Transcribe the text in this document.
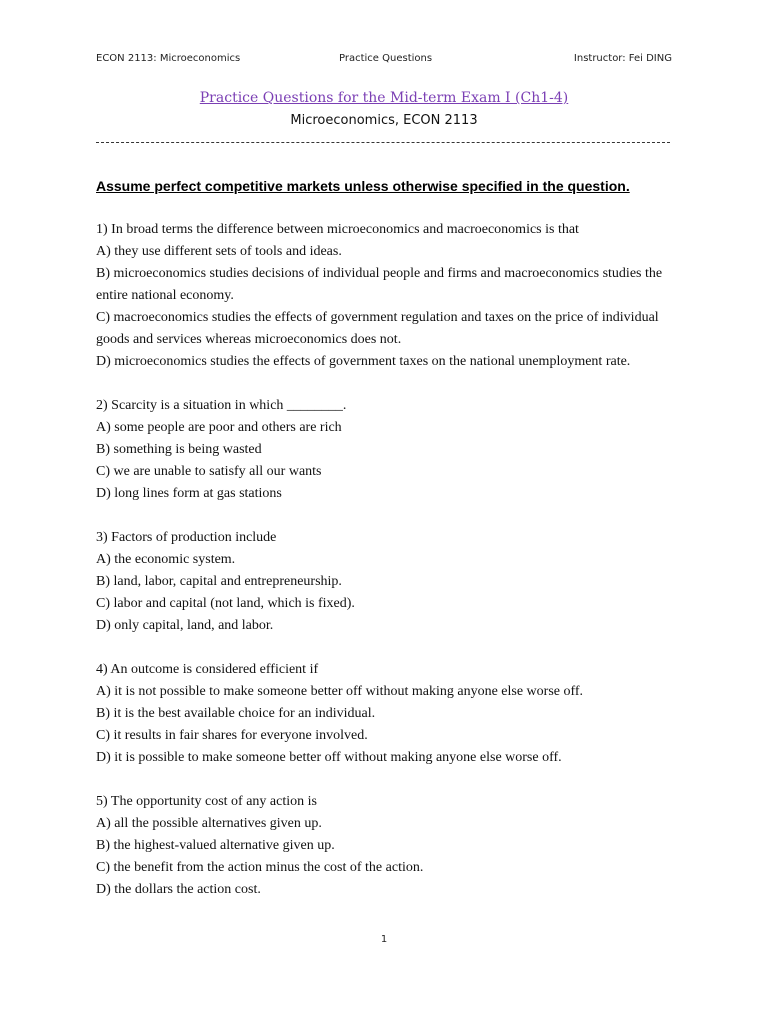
ECON 2113: Microeconomics	Practice Questions	Instructor: Fei DING
Practice Questions for the Mid-term Exam I (Ch1-4)
Microeconomics, ECON 2113
Assume perfect competitive markets unless otherwise specified in the question.
1) In broad terms the difference between microeconomics and macroeconomics is that
A) they use different sets of tools and ideas.
B) microeconomics studies decisions of individual people and firms and macroeconomics studies the entire national economy.
C) macroeconomics studies the effects of government regulation and taxes on the price of individual goods and services whereas microeconomics does not.
D) microeconomics studies the effects of government taxes on the national unemployment rate.
2) Scarcity is a situation in which ________.
A) some people are poor and others are rich
B) something is being wasted
C) we are unable to satisfy all our wants
D) long lines form at gas stations
3) Factors of production include
A) the economic system.
B) land, labor, capital and entrepreneurship.
C) labor and capital (not land, which is fixed).
D) only capital, land, and labor.
4) An outcome is considered efficient if
A) it is not possible to make someone better off without making anyone else worse off.
B) it is the best available choice for an individual.
C) it results in fair shares for everyone involved.
D) it is possible to make someone better off without making anyone else worse off.
5) The opportunity cost of any action is
A) all the possible alternatives given up.
B) the highest-valued alternative given up.
C) the benefit from the action minus the cost of the action.
D) the dollars the action cost.
1
